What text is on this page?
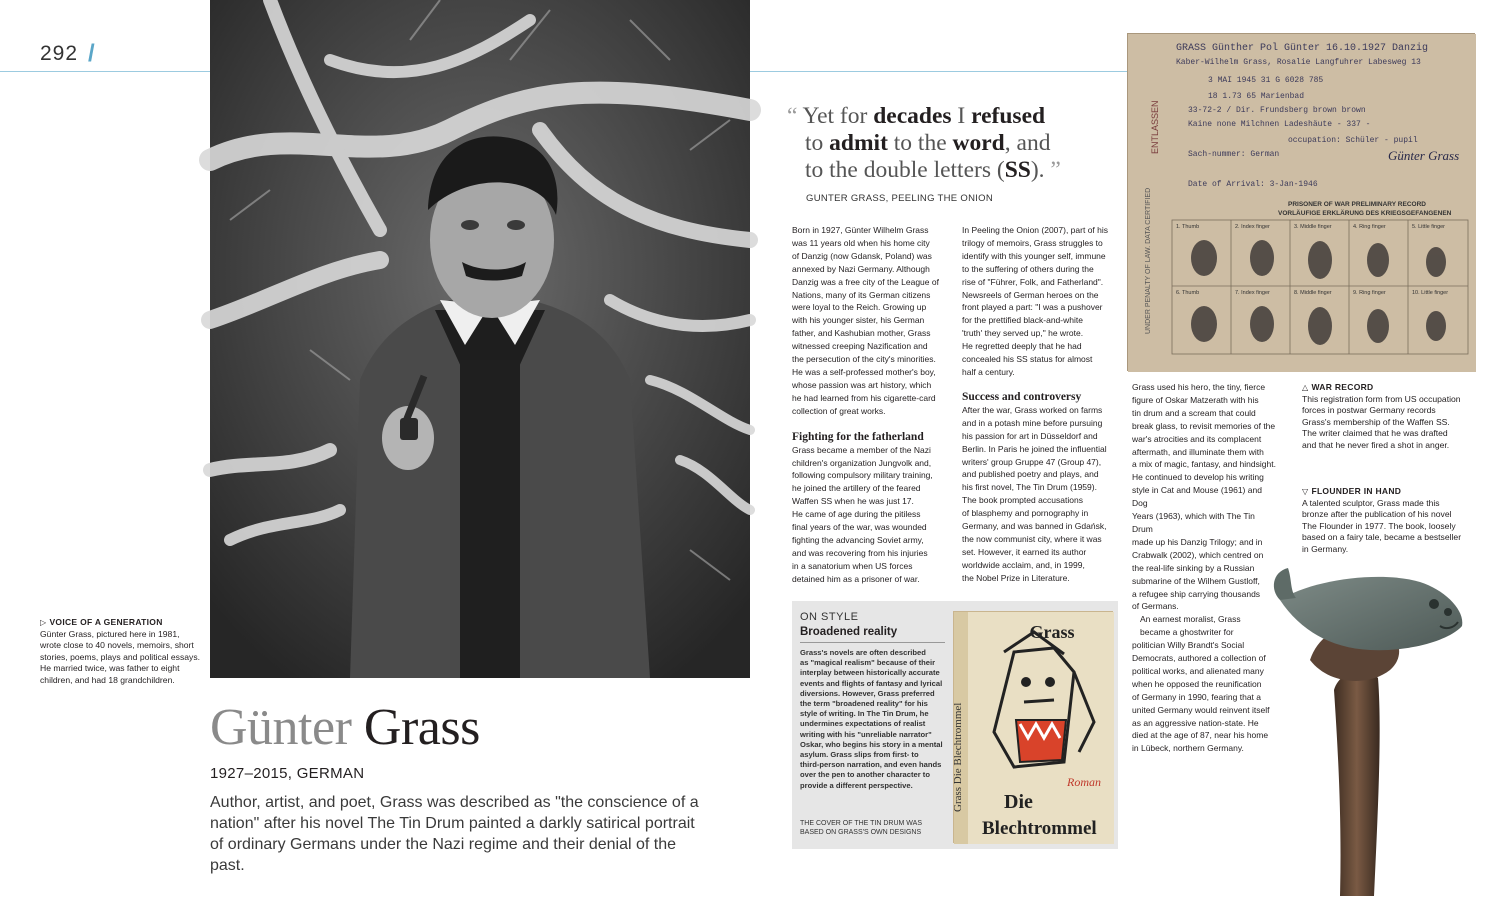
292 /
▷ VOICE OF A GENERATION
Günter Grass, pictured here in 1981,
wrote close to 40 novels, memoirs, short
stories, poems, plays and political essays.
He married twice, was father to eight
children, and had 18 grandchildren.
Günter Grass
1927–2015, GERMAN
Author, artist, and poet, Grass was described as "the conscience of a
nation" after his novel The Tin Drum painted a darkly satirical portrait
of ordinary Germans under the Nazi regime and their denial of the past.
“ Yet for decades I refused
to admit to the word, and
to the double letters (SS). ”
GUNTER GRASS, PEELING THE ONION

Born in 1927, Günter Wilhelm Grass

was 11 years old when his home city

of Danzig (now Gdansk, Poland) was

annexed by Nazi Germany. Although

Danzig was a free city of the League of

Nations, many of its German citizens

were loyal to the Reich. Growing up

with his younger sister, his German

father, and Kashubian mother, Grass

witnessed creeping Nazification and

the persecution of the city's minorities.

He was a self-professed mother's boy,

whose passion was art history, which

he had learned from his cigarette-card

collection of great works.

Fighting for the fatherland

Grass became a member of the Nazi

children's organization Jungvolk and,

following compulsory military training,

he joined the artillery of the feared

Waffen SS when he was just 17.

He came of age during the pitiless

final years of the war, was wounded

fighting the advancing Soviet army,

and was recovering from his injuries

in a sanatorium when US forces

detained him as a prisoner of war.

In Peeling the Onion (2007), part of his

trilogy of memoirs, Grass struggles to

identify with this younger self, immune

to the suffering of others during the

rise of "Führer, Folk, and Fatherland".

Newsreels of German heroes on the

front played a part: "I was a pushover

for the prettified black-and-white

'truth' they served up," he wrote.

He regretted deeply that he had

concealed his SS status for almost

half a century.

Success and controversy

After the war, Grass worked on farms

and in a potash mine before pursuing

his passion for art in Düsseldorf and

Berlin. In Paris he joined the influential

writers' group Gruppe 47 (Group 47),

and published poetry and plays, and

his first novel, The Tin Drum (1959).

The book prompted accusations

of blasphemy and pornography in

Germany, and was banned in Gdańsk,

the now communist city, where it was

set. However, it earned its author

worldwide acclaim, and, in 1999,

the Nobel Prize in Literature.

Grass used his hero, the tiny, fierce

figure of Oskar Matzerath with his

tin drum and a scream that could

break glass, to revisit memories of the

war's atrocities and its complacent

aftermath, and illuminate them with

a mix of magic, fantasy, and hindsight.

He continued to develop his writing

style in Cat and Mouse (1961) and Dog

Years (1963), which with The Tin Drum

made up his Danzig Trilogy; and in

Crabwalk (2002), which centred on

the real-life sinking by a Russian

submarine of the Wilhem Gustloff,

a refugee ship carrying thousands

of Germans.

An earnest moralist, Grass

became a ghostwriter for

politician Willy Brandt's Social

Democrats, authored a collection of

political works, and alienated many

when he opposed the reunification

of Germany in 1990, fearing that a

united Germany would reinvent itself

as an aggressive nation-state. He

died at the age of 87, near his home

in Lübeck, northern Germany.

ON STYLE
Broadened reality
Grass's novels are often described
as "magical realism" because of their
interplay between historically accurate
events and flights of fantasy and lyrical
diversions. However, Grass preferred
the term "broadened reality" for his
style of writing. In The Tin Drum, he
undermines expectations of realist
writing with his "unreliable narrator"
Oskar, who begins his story in a mental
asylum. Grass slips from first- to
third-person narration, and even hands
over the pen to another character to
provide a different perspective.
THE COVER OF THE TIN DRUM WAS
BASED ON GRASS'S OWN DESIGNS
Grass Die Blechtrommel
Grass
Roman
Die
Blechtrommel
GRASS Günther Pol Günter 16.10.1927 Danzig
Kaber-Wilhelm Grass, Rosalie Langfuhrer Labesweg 13
3 MAI 1945 31 G 6028 785
18 1.73 65 Marienbad
33-72-2 / Dir. Frundsberg brown brown
Kaine none Milchnen Ladeshäute - 337 -
occupation: Schüler - pupil
Sach-nummer: German
Date of Arrival: 3-Jan-1946
Günter Grass
PRISONER OF WAR PRELIMINARY RECORD
VORLÄUFIGE ERKLÄRUNG DES KRIEGSGEFANGENEN
UNDER PENALTY OF LAW. DATA CERTIFIED
ENTLASSEN
1. Thumb	2. Index finger	3. Middle finger	4. Ring finger	5. Little finger
6. Thumb	7. Index finger	8. Middle finger	9. Ring finger	10. Little finger
△ WAR RECORD
This registration form from US occupation
forces in postwar Germany records
Grass's membership of the Waffen SS.
The writer claimed that he was drafted
and that he never fired a shot in anger.
▽ FLOUNDER IN HAND
A talented sculptor, Grass made this
bronze after the publication of his novel
The Flounder in 1977. The book, loosely
based on a fairy tale, became a bestseller
in Germany.
